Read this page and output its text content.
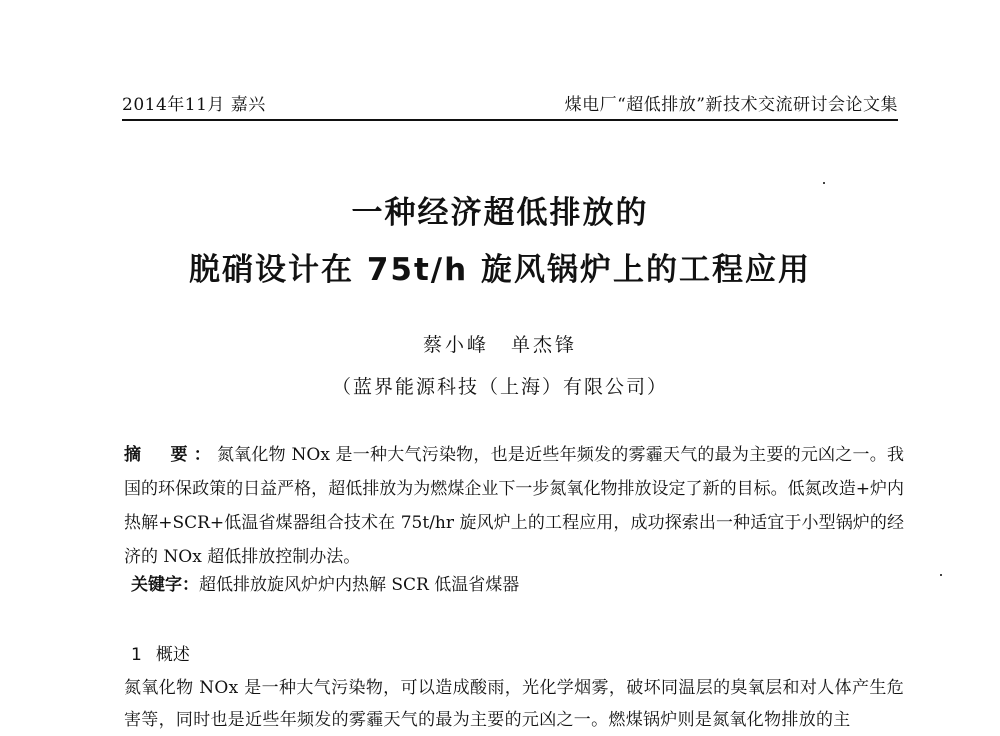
2014年11月 嘉兴	煤电厂“超低排放”新技术交流研讨会论文集
一种经济超低排放的
脱硝设计在 75t/h 旋风锅炉上的工程应用
蔡小峰　单杰锋
（蓝界能源科技（上海）有限公司）
摘　要：氮氧化物 NOx 是一种大气污染物，也是近些年频发的雾霾天气的最为主要的元凶之一。我国的环保政策的日益严格，超低排放为为燃煤企业下一步氮氧化物排放设定了新的目标。低氮改造+炉内热解+SCR+低温省煤器组合技术在 75t/hr 旋风炉上的工程应用，成功探索出一种适宜于小型锅炉的经济的 NOx 超低排放控制办法。
关键字：超低排放旋风炉炉内热解 SCR 低温省煤器
1 概述
氮氧化物 NOx 是一种大气污染物，可以造成酸雨，光化学烟雾，破坏同温层的臭氧层和对人体产生危害等，同时也是近些年频发的雾霾天气的最为主要的元凶之一。燃煤锅炉则是氮氧化物排放的主
